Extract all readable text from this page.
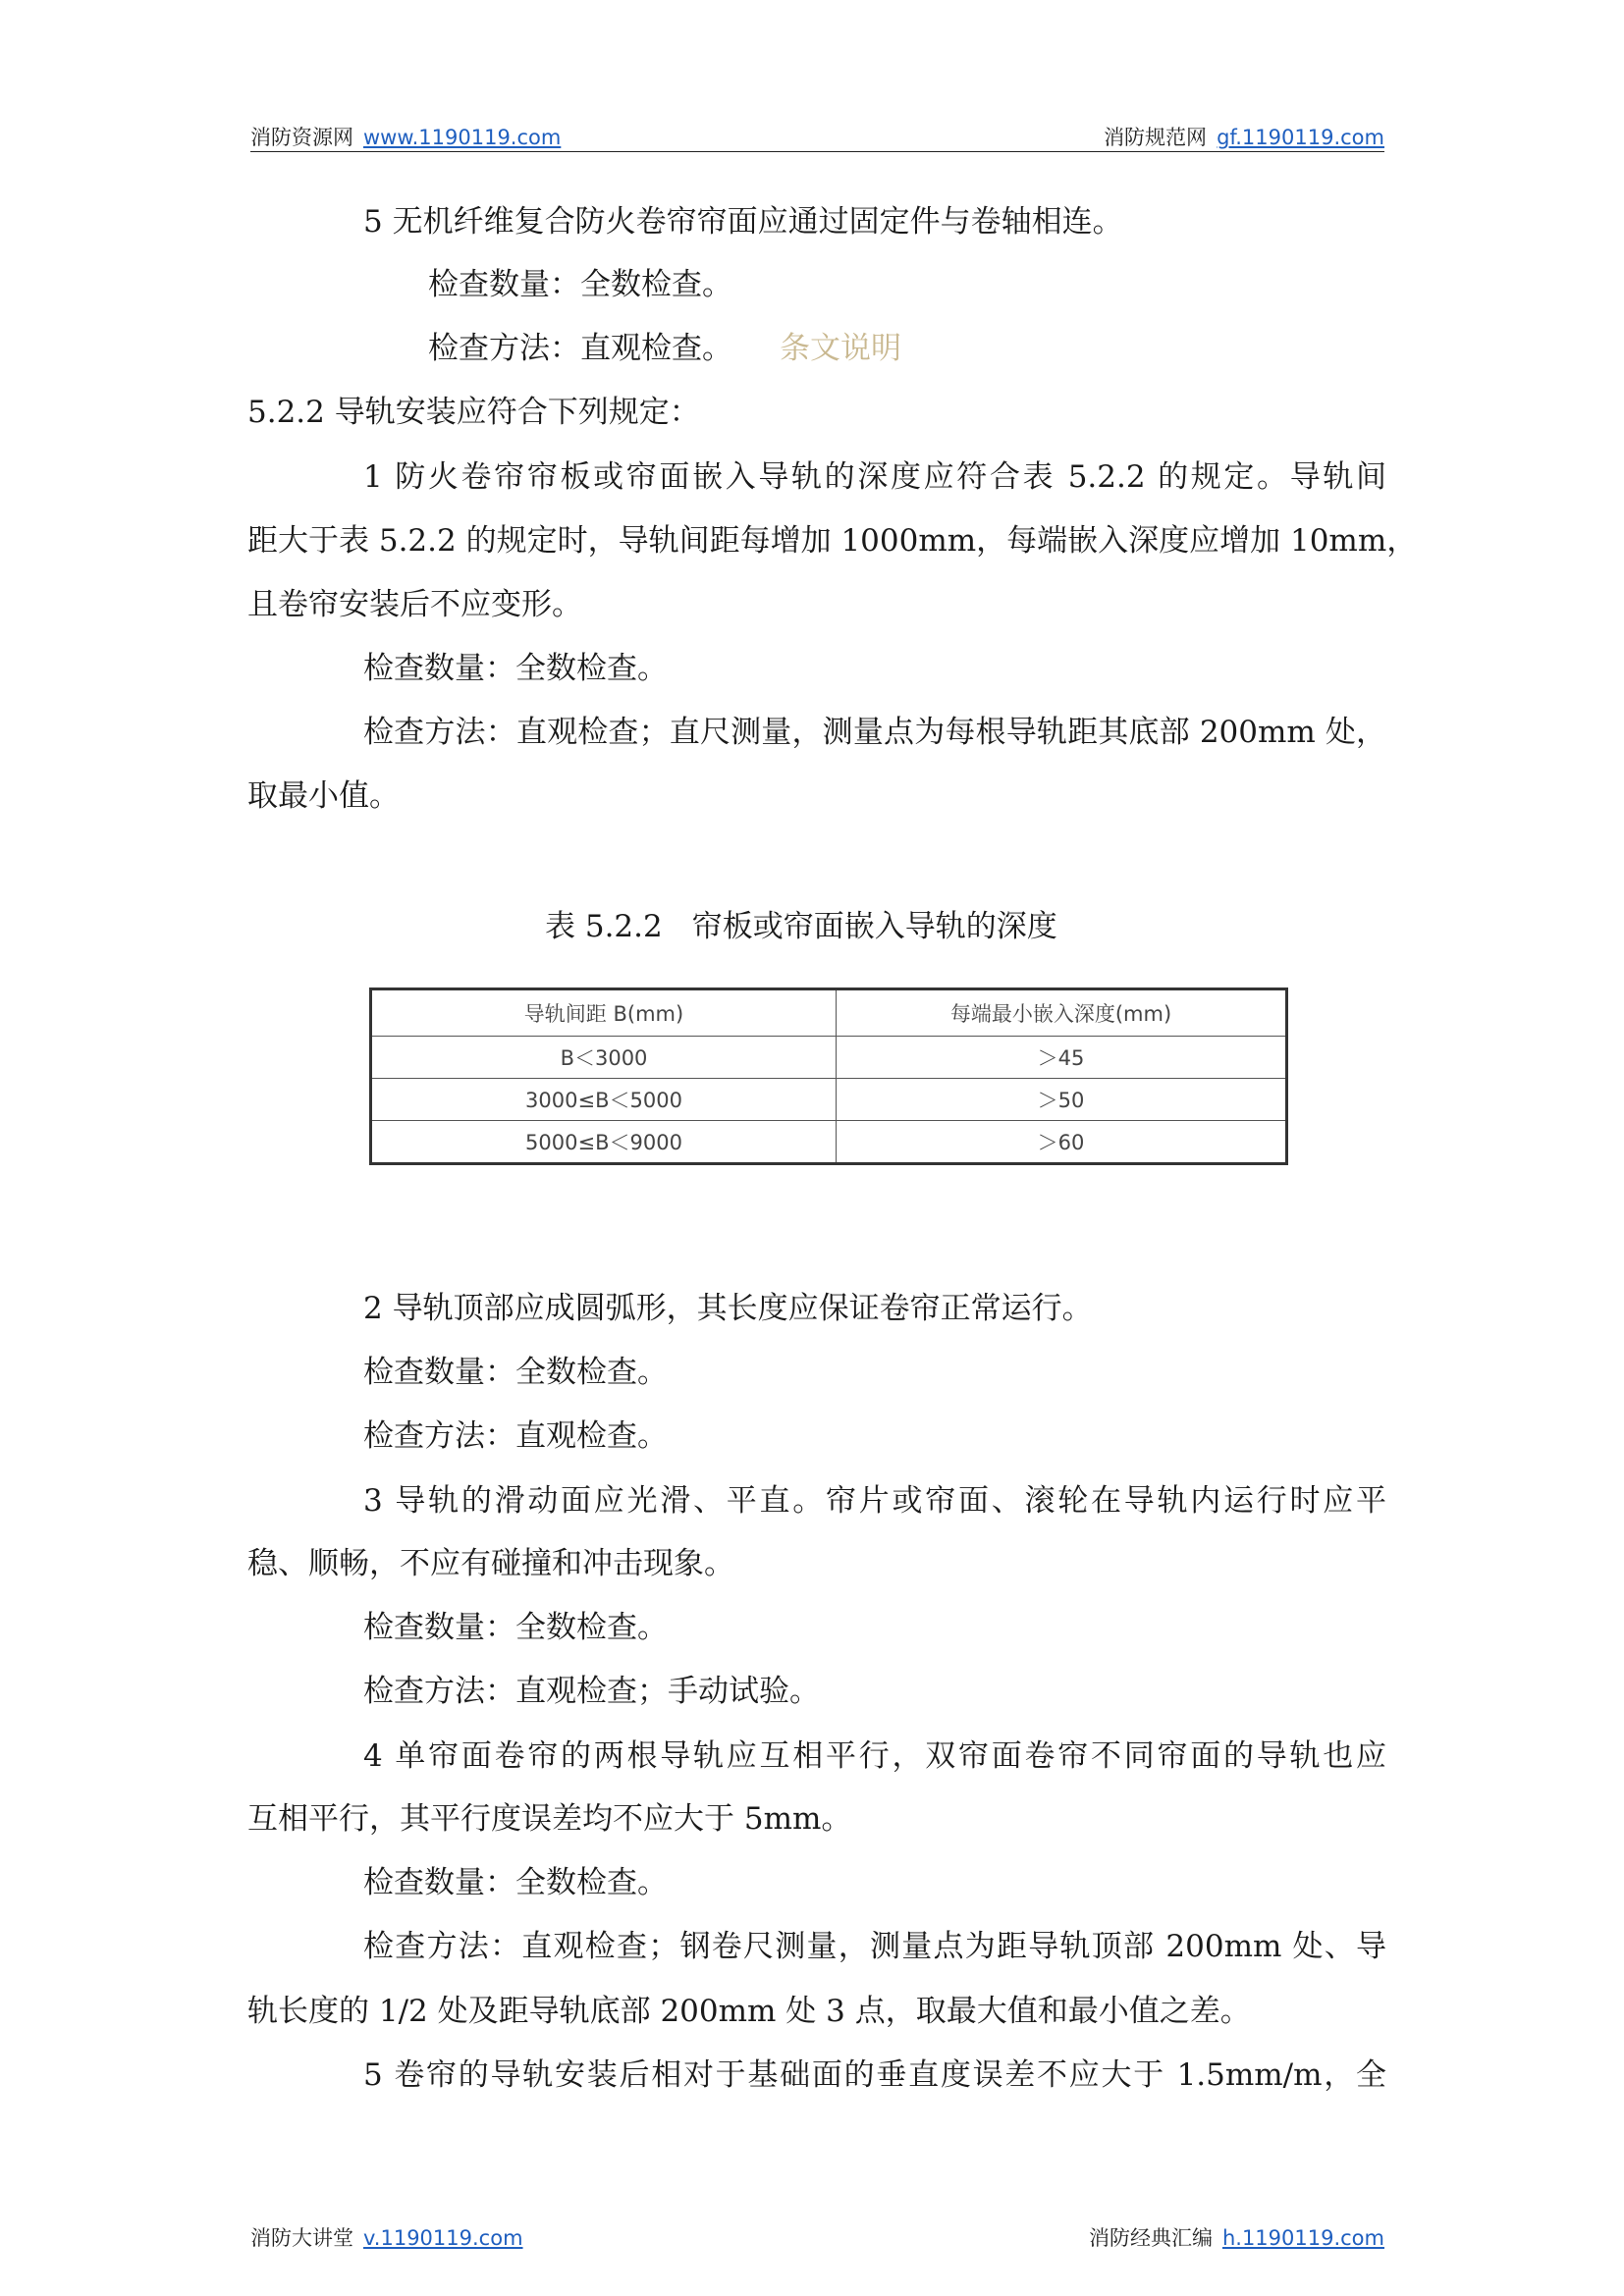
消防资源网 www.1190119.com	消防规范网 gf.1190119.com
5 无机纤维复合防火卷帘帘面应通过固定件与卷轴相连。
检查数量：全数检查。
检查方法：直观检查。 条文说明
5.2.2 导轨安装应符合下列规定：
1 防火卷帘帘板或帘面嵌入导轨的深度应符合表 5.2.2 的规定。导轨间
距大于表 5.2.2 的规定时，导轨间距每增加 1000mm，每端嵌入深度应增加 10mm，
且卷帘安装后不应变形。
检查数量：全数检查。
检查方法：直观检查；直尺测量，测量点为每根导轨距其底部 200mm 处，
取最小值。
表 5.2.2 帘板或帘面嵌入导轨的深度
导轨间距 B(mm)	每端最小嵌入深度(mm)
B＜3000	＞45
3000≤B＜5000	＞50
5000≤B＜9000	＞60
2 导轨顶部应成圆弧形，其长度应保证卷帘正常运行。
检查数量：全数检查。
检查方法：直观检查。
3 导轨的滑动面应光滑、平直。帘片或帘面、滚轮在导轨内运行时应平
稳、顺畅，不应有碰撞和冲击现象。
检查数量：全数检查。
检查方法：直观检查；手动试验。
4 单帘面卷帘的两根导轨应互相平行，双帘面卷帘不同帘面的导轨也应
互相平行，其平行度误差均不应大于 5mm。
检查数量：全数检查。
检查方法：直观检查；钢卷尺测量，测量点为距导轨顶部 200mm 处、导
轨长度的 1/2 处及距导轨底部 200mm 处 3 点，取最大值和最小值之差。
5 卷帘的导轨安装后相对于基础面的垂直度误差不应大于 1.5mm/m，全
消防大讲堂 v.1190119.com	消防经典汇编 h.1190119.com
